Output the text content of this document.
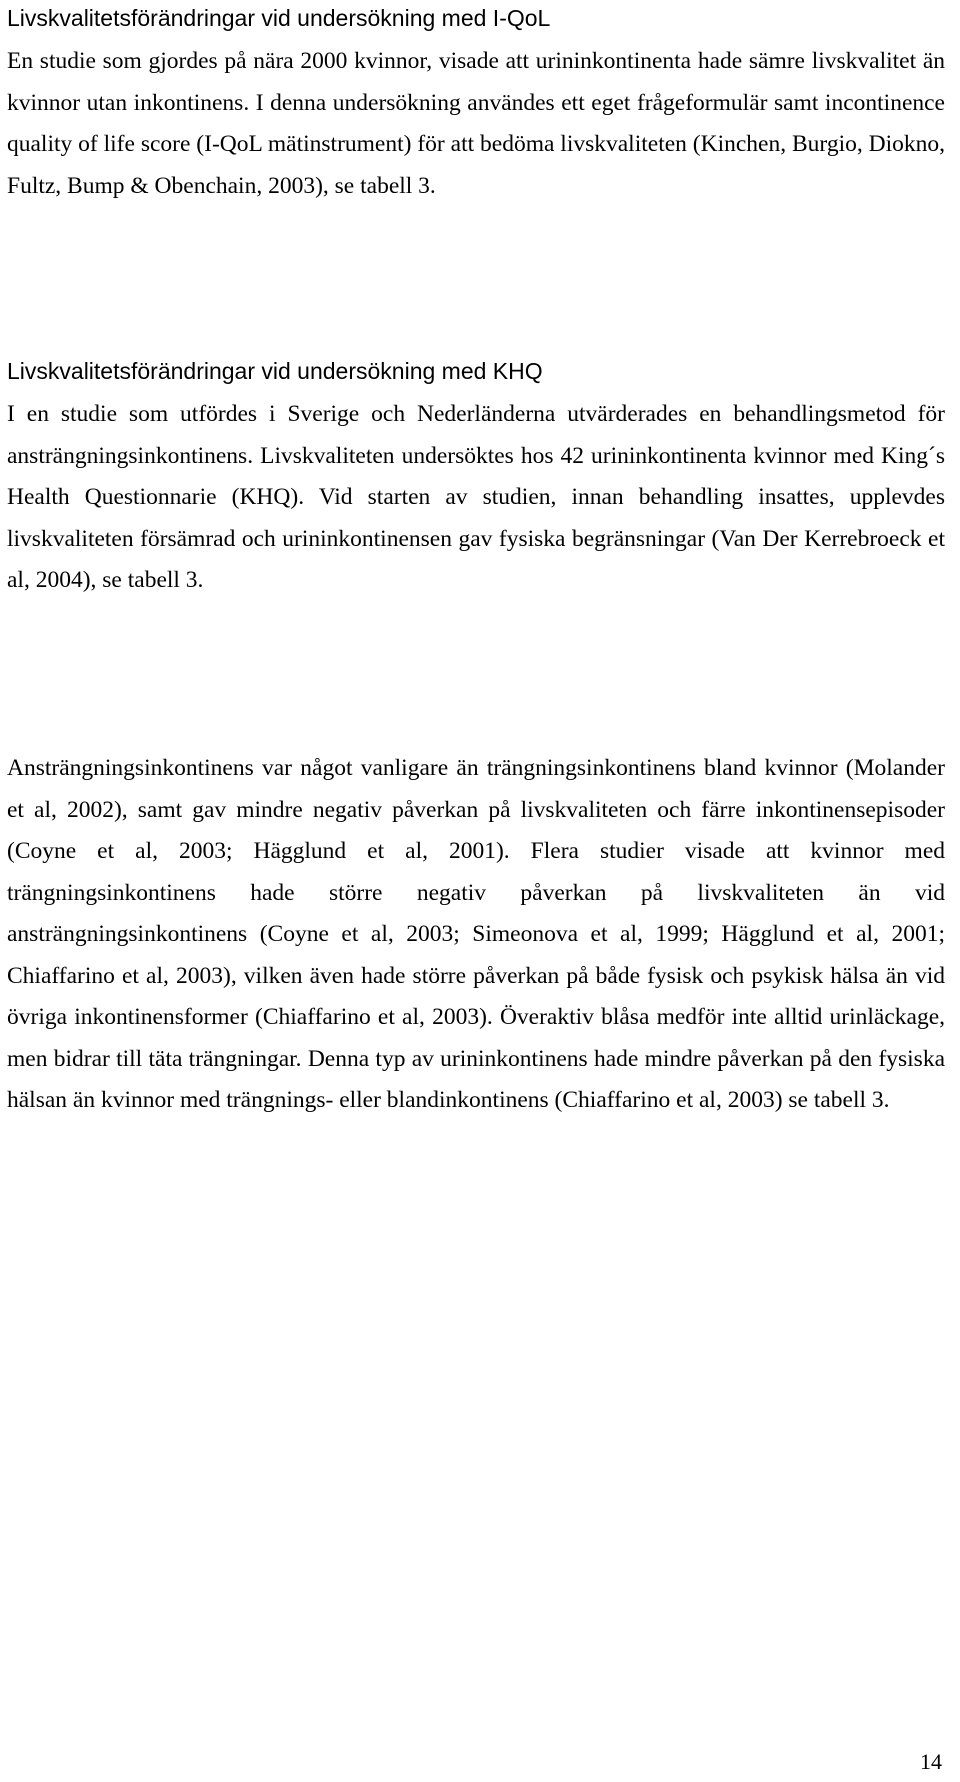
Livskvalitetsförändringar vid undersökning med I-QoL

En studie som gjordes på nära 2000 kvinnor, visade att urininkontinenta hade sämre livskvalitet än kvinnor utan inkontinens. I denna undersökning användes ett eget frågeformulär samt incontinence quality of life score (I-QoL mätinstrument) för att bedöma livskvaliteten (Kinchen, Burgio, Diokno, Fultz, Bump & Obenchain, 2003), se tabell 3.

Livskvalitetsförändringar vid undersökning med KHQ

I en studie som utfördes i Sverige och Nederländerna utvärderades en behandlingsmetod för ansträngningsinkontinens. Livskvaliteten undersöktes hos 42 urininkontinenta kvinnor med King´s Health Questionnarie (KHQ). Vid starten av studien, innan behandling insattes, upplevdes livskvaliteten försämrad och urininkontinensen gav fysiska begränsningar (Van Der Kerrebroeck et al, 2004), se tabell 3.

Ansträngningsinkontinens var något vanligare än trängningsinkontinens bland kvinnor (Molander et al, 2002), samt gav mindre negativ påverkan på livskvaliteten och färre inkontinensepisoder (Coyne et al, 2003; Hägglund et al, 2001). Flera studier visade att kvinnor med trängningsinkontinens hade större negativ påverkan på livskvaliteten än vid ansträngningsinkontinens (Coyne et al, 2003; Simeonova et al, 1999; Hägglund et al, 2001; Chiaffarino et al, 2003), vilken även hade större påverkan på både fysisk och psykisk hälsa än vid övriga inkontinensformer (Chiaffarino et al, 2003). Överaktiv blåsa medför inte alltid urinläckage, men bidrar till täta trängningar. Denna typ av urininkontinens hade mindre påverkan på den fysiska hälsan än kvinnor med trängnings- eller blandinkontinens (Chiaffarino et al, 2003) se tabell 3.

14
